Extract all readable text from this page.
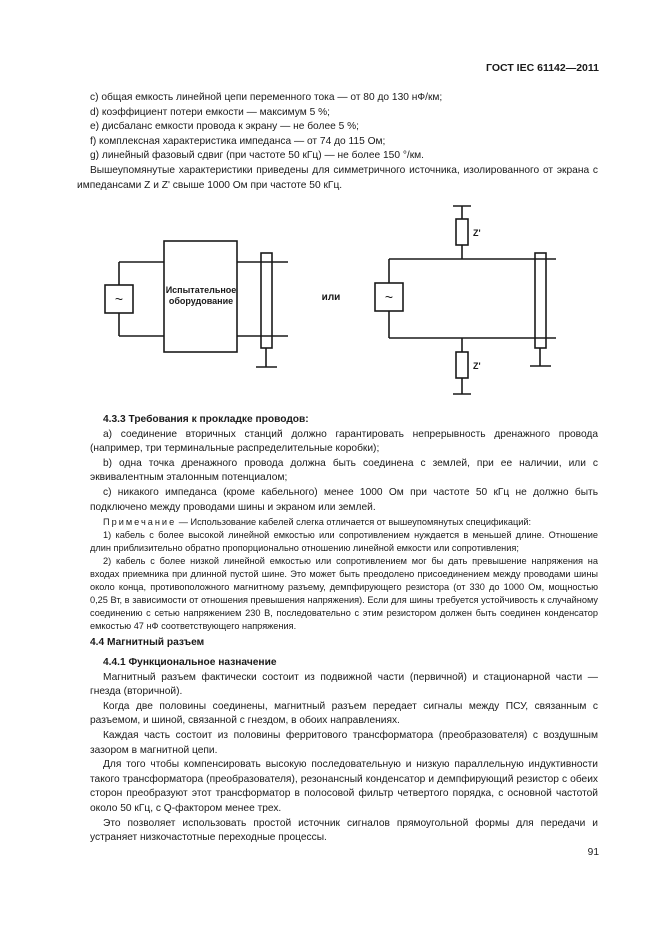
ГОСТ IEC 61142—2011

c) общая емкость линейной цепи переменного тока — от 80 до 130 нФ/км;

d) коэффициент потери емкости — максимум 5 %;

e) дисбаланс емкости провода к экрану — не более 5 %;

f) комплексная характеристика импеданса — от 74 до 115 Ом;

g) линейный фазовый сдвиг (при частоте 50 кГц) — не более 150 °/км.

Вышеупомянутые характеристики приведены для симметричного источника, изолированного от экрана с импедансами Z и Z' свыше 1000 Ом при частоте 50 кГц.

~	~
Испытательное
оборудование	или
Z'
Z'

4.3.3 Требования к прокладке проводов:

a) соединение вторичных станций должно гарантировать непрерывность дренажного провода (например, три терминальные распределительные коробки);

b) одна точка дренажного провода должна быть соединена с землей, при ее наличии, или с эквивалентным эталонным потенциалом;

c) никакого импеданса (кроме кабельного) менее 1000 Ом при частоте 50 кГц не должно быть подключено между проводами шины и экраном или землей.

Примечание — Использование кабелей слегка отличается от вышеупомянутых спецификаций:

1) кабель с более высокой линейной емкостью или сопротивлением нуждается в меньшей длине. Отношение длин приблизительно обратно пропорционально отношению линейной емкости или сопротивления;

2) кабель с более низкой линейной емкостью или сопротивлением мог бы дать превышение напряжения на входах приемника при длинной пустой шине. Это может быть преодолено присоединением между проводами шины около конца, противоположного магнитному разъему, демпфирующего резистора (от 330 до 1000 Ом, мощностью 0,25 Вт, в зависимости от отношения превышения напряжения). Если для шины требуется устойчивость к случайному соединению с сетью напряжением 230 В, последовательно с этим резистором должен быть соединен конденсатор емкостью 47 нФ соответствующего напряжения.

4.4 Магнитный разъем

4.4.1 Функциональное назначение

Магнитный разъем фактически состоит из подвижной части (первичной) и стационарной части — гнезда (вторичной).

Когда две половины соединены, магнитный разъем передает сигналы между ПСУ, связанным с разъемом, и шиной, связанной с гнездом, в обоих направлениях.

Каждая часть состоит из половины ферритового трансформатора (преобразователя) с воздушным зазором в магнитной цепи.

Для того чтобы компенсировать высокую последовательную и низкую параллельную индуктивности такого трансформатора (преобразователя), резонансный конденсатор и демпфирующий резистор с обеих сторон преобразуют этот трансформатор в полосовой фильтр четвертого порядка, с основной частотой около 50 кГц, с Q-фактором менее трех.

Это позволяет использовать простой источник сигналов прямоугольной формы для передачи и устраняет низкочастотные переходные процессы.

91
